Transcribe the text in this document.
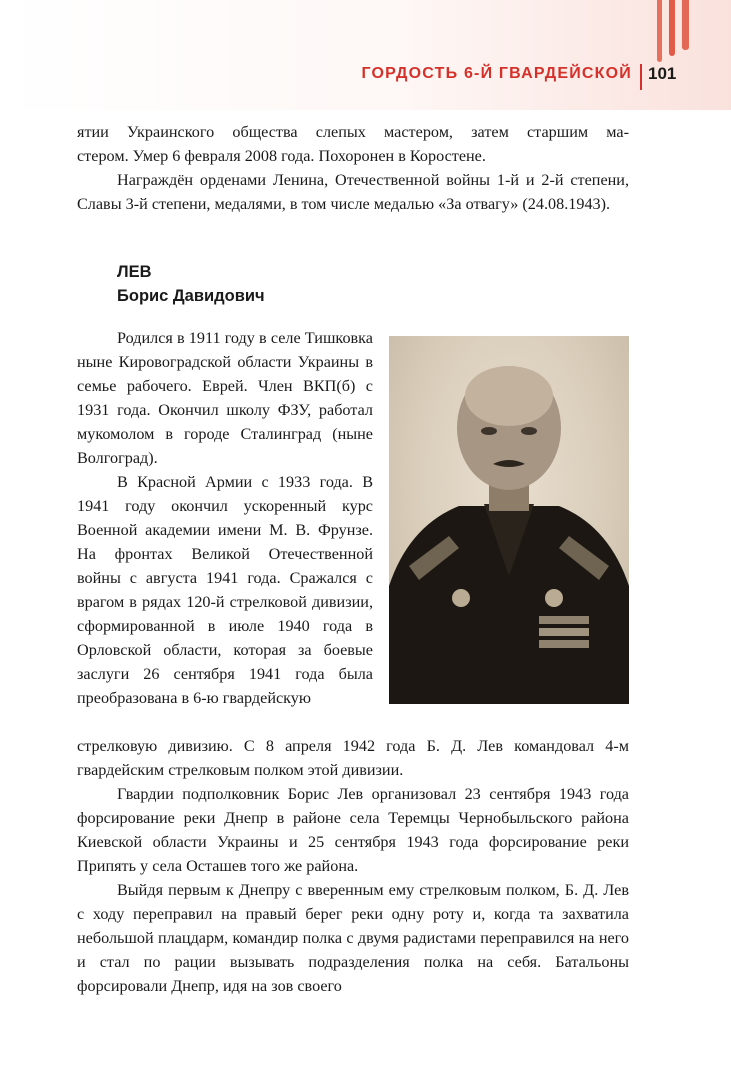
ГОРДОСТЬ 6-Й ГВАРДЕЙСКОЙ 101

ятии Украинского общества слепых мастером, затем старшим ма-

стером. Умер 6 февраля 2008 года. Похоронен в Коростене.

Награждён орденами Ленина, Отечественной войны 1-й и 2-й степени, Славы 3-й степени, медалями, в том числе медалью «За отвагу» (24.08.1943).

ЛЕВ
Борис Давидович

Родился в 1911 году в селе Тишковка ныне Кировоградской области Украины в семье рабочего. Еврей. Член ВКП(б) с 1931 года. Окончил школу ФЗУ, работал мукомолом в городе Сталинград (ныне Волгоград).

В Красной Армии с 1933 года. В 1941 году окончил ускоренный курс Военной академии имени М. В. Фрунзе. На фронтах Великой Отечественной войны с августа 1941 года. Сражался с врагом в рядах 120-й стрелковой дивизии, сформированной в июле 1940 года в Орловской области, которая за боевые заслуги 26 сентября 1941 года была преобразована в 6-ю гвардейскую

стрелковую дивизию. С 8 апреля 1942 года Б. Д. Лев командовал 4-м гвардейским стрелковым полком этой дивизии.

Гвардии подполковник Борис Лев организовал 23 сентября 1943 года форсирование реки Днепр в районе села Теремцы Чернобыльского района Киевской области Украины и 25 сентября 1943 года форсирование реки Припять у села Осташев того же района.

Выйдя первым к Днепру с вверенным ему стрелковым полком, Б. Д. Лев с ходу переправил на правый берег реки одну роту и, когда та захватила небольшой плацдарм, командир полка с двумя радистами переправился на него и стал по рации вызывать подразделения полка на себя. Батальоны форсировали Днепр, идя на зов своего
